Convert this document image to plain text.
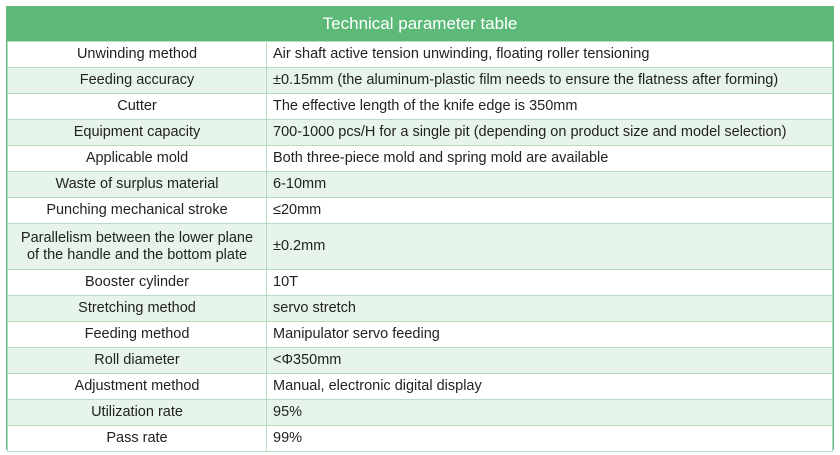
Technical parameter table
Unwinding method	Air shaft active tension unwinding, floating roller tensioning
Feeding accuracy	±0.15mm (the aluminum-plastic film needs to ensure the flatness after forming)
Cutter	The effective length of the knife edge is 350mm
Equipment capacity	700-1000 pcs/H for a single pit (depending on product size and model selection)
Applicable mold	Both three-piece mold and spring mold are available
Waste of surplus material	6-10mm
Punching mechanical stroke	≤20mm
Parallelism between the lower plane of the handle and the bottom plate	±0.2mm
Booster cylinder	10T
Stretching method	servo stretch
Feeding method	Manipulator servo feeding
Roll diameter	<Φ350mm
Adjustment method	Manual, electronic digital display
Utilization rate	95%
Pass rate	99%
